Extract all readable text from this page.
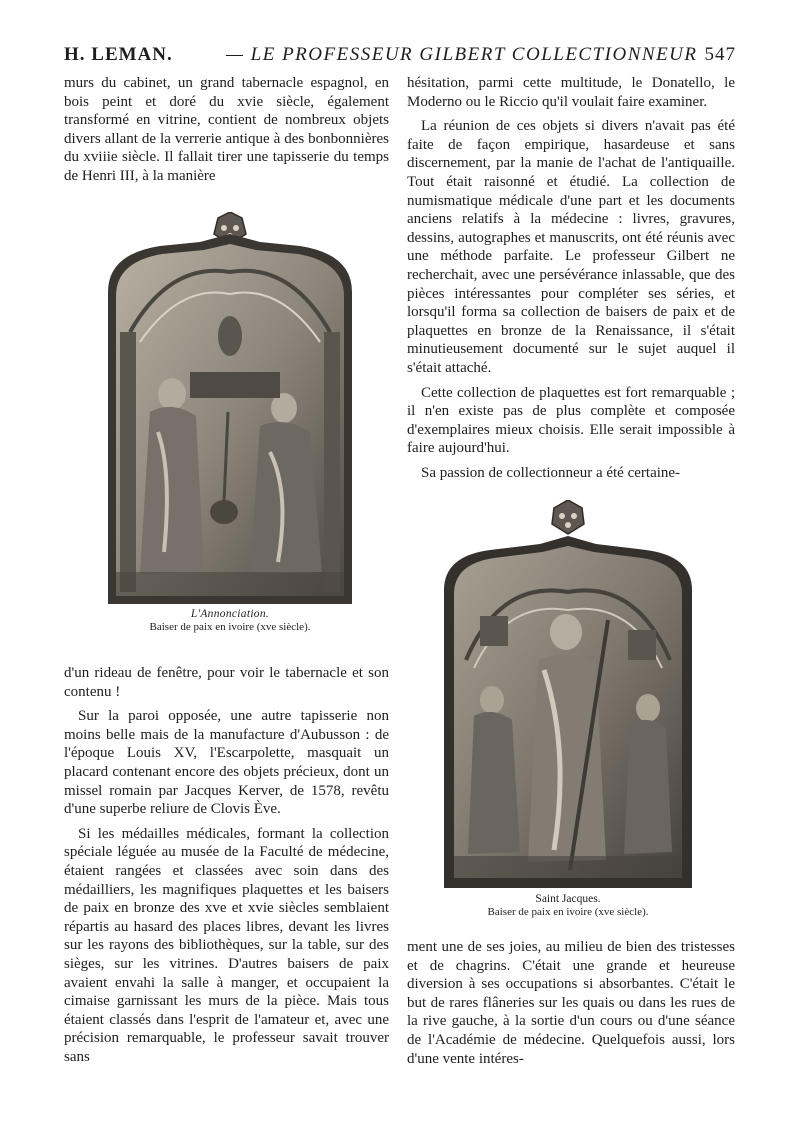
H. LEMAN.	— LE PROFESSEUR GILBERT COLLECTIONNEUR 547

murs du cabinet, un grand tabernacle espagnol, en bois peint et doré du xvie siècle, également transformé en vitrine, contient de nombreux objets divers allant de la verrerie antique à des bonbonnières du xviiie siècle. Il fallait tirer une tapisserie du temps de Henri III, à la manière

L'Annonciation.
Baiser de paix en ivoire (xve siècle).

d'un rideau de fenêtre, pour voir le tabernacle et son contenu !

Sur la paroi opposée, une autre tapisserie non moins belle mais de la manufacture d'Aubusson : de l'époque Louis XV, l'Escarpolette, masquait un placard contenant encore des objets précieux, dont un missel romain par Jacques Kerver, de 1578, revêtu d'une superbe reliure de Clovis Ève.

Si les médailles médicales, formant la collection spéciale léguée au musée de la Faculté de médecine, étaient rangées et classées avec soin dans des médailliers, les magnifiques plaquettes et les baisers de paix en bronze des xve et xvie siècles semblaient répartis au hasard des places libres, devant les livres sur les rayons des bibliothèques, sur la table, sur des sièges, sur les vitrines. D'autres baisers de paix avaient envahi la salle à manger, et occupaient la cimaise garnissant les murs de la pièce. Mais tous étaient classés dans l'esprit de l'amateur et, avec une précision remarquable, le professeur savait trouver sans

hésitation, parmi cette multitude, le Donatello, le Moderno ou le Riccio qu'il voulait faire examiner.

La réunion de ces objets si divers n'avait pas été faite de façon empirique, hasardeuse et sans discernement, par la manie de l'achat de l'antiquaille. Tout était raisonné et étudié. La collection de numismatique médicale d'une part et les documents anciens relatifs à la médecine : livres, gravures, dessins, autographes et manuscrits, ont été réunis avec une méthode parfaite. Le professeur Gilbert ne recherchait, avec une persévérance inlassable, que des pièces intéressantes pour compléter ses séries, et lorsqu'il forma sa collection de baisers de paix et de plaquettes en bronze de la Renaissance, il s'était minutieusement documenté sur le sujet auquel il s'était attaché.

Cette collection de plaquettes est fort remarquable ; il n'en existe pas de plus complète et composée d'exemplaires mieux choisis. Elle serait impossible à faire aujourd'hui.

Sa passion de collectionneur a été certaine-

Saint Jacques.
Baiser de paix en ivoire (xve siècle).

ment une de ses joies, au milieu de bien des tristesses et de chagrins. C'était une grande et heureuse diversion à ses occupations si absorbantes. C'était le but de rares flâneries sur les quais ou dans les rues de la rive gauche, à la sortie d'un cours ou d'une séance de l'Académie de médecine. Quelquefois aussi, lors d'une vente intéres-
